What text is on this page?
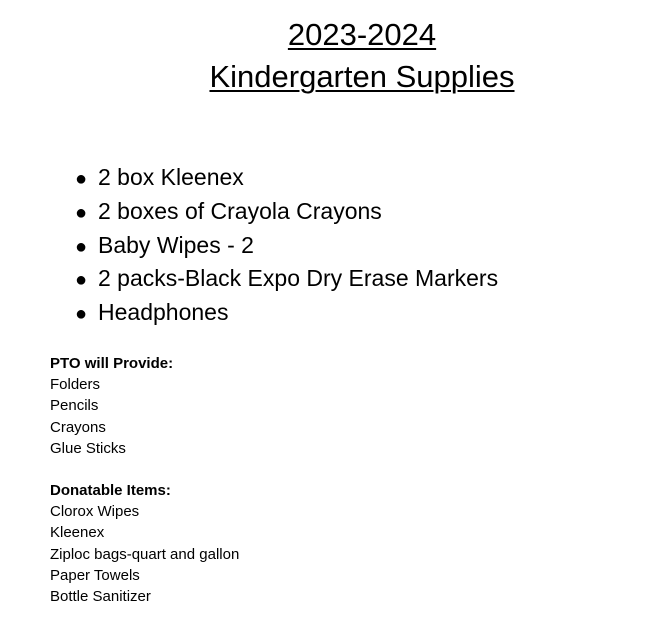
2023-2024
Kindergarten Supplies
● 2 box Kleenex
● 2 boxes of Crayola Crayons
● Baby Wipes - 2
● 2 packs-Black Expo Dry Erase Markers
● Headphones
PTO will Provide:
Folders
Pencils
Crayons
Glue Sticks
Donatable Items:
Clorox Wipes
Kleenex
Ziploc bags-quart and gallon
Paper Towels
Bottle Sanitizer
